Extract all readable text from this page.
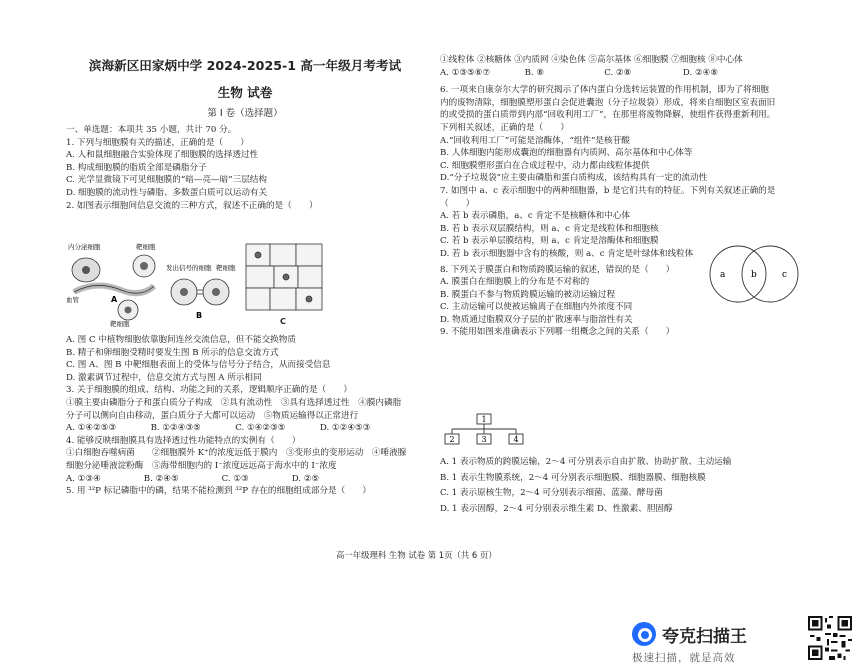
滨海新区田家炳中学 2024-2025-1 高一年级月考考试
生物 试卷
第 I 卷（选择题）
一、单选题：本项共 35 小题，共计 70 分。
1. 下列与细胞膜有关的描述，正确的是（　　）
A. 人和鼠细胞融合实验体现了细胞膜的选择透过性
B. 构成细胞膜的脂质全部是磷脂分子
C. 光学显微镜下可见细胞膜的“暗—亮—暗”三层结构
D. 细胞膜的流动性与磷脂、多数蛋白质可以运动有关
2. 如图表示细胞间信息交流的三种方式，叙述不正确的是（　　）
内分泌细胞	靶细胞
血管
靶细胞
A
发出信号的细胞 靶细胞
B
C
A. 图 C 中植物细胞依靠胞间连丝交流信息，但不能交换物质
B. 精子和卵细胞受精时要发生图 B 所示的信息交流方式
C. 图 A、图 B 中靶细胞表面上的受体与信号分子结合，从而接受信息
D. 激素调节过程中，信息交流方式与图 A 所示相同
3. 关于细胞膜的组成、结构、功能之间的关系，逻辑顺序正确的是（　　）
①膜主要由磷脂分子和蛋白质分子构成　②具有流动性　③具有选择透过性　④膜内磷脂
分子可以侧向自由移动，蛋白质分子大都可以运动　⑤物质运输得以正常进行
A. ①④②⑤③　　　　B. ①②④③⑤　　　　C. ①④②③⑤　　　　D. ①②④⑤③
4. 能够反映细胞膜具有选择透过性功能特点的实例有（　　）
①白细胞吞噬病菌　　②细胞膜外 K⁺的浓度远低于膜内　③变形虫的变形运动　④唾液腺
细胞分泌唾液淀粉酶　⑤海带细胞内的 I⁻浓度远远高于海水中的 I⁻浓度
A. ①③④　　　　　B. ②④⑤　　　　　C. ①③　　　　　D. ②⑤
5. 用 ³²P 标记磷脂中的磷，结果不能检测到 ³²P 存在的细胞组成部分是（　　）
①线粒体 ②核糖体 ③内质网 ④染色体 ⑤高尔基体 ⑥细胞膜 ⑦细胞核 ⑧中心体
A. ①③⑤⑥⑦　　　　B. ⑧　　　　　　　C. ②⑧　　　　　　D. ②④⑧
6. 一项来自康奈尔大学的研究揭示了体内蛋白分选转运装置的作用机制，即为了将细胞
内的废物清除，细胞膜塑形蛋白会促进囊泡（分子垃圾袋）形成，将来自细胞区室表面旧
的或受损的蛋白质带到内部“回收利用工厂”，在那里将废物降解，使组件获得重新利用。
下列相关叙述，正确的是（　　）
A.“回收利用工厂”可能是溶酶体，“组件”是核苷酸
B. 人体细胞内能形成囊泡的细胞器有内质网、高尔基体和中心体等
C. 细胞膜塑形蛋白在合成过程中，动力都由线粒体提供
D.“分子垃圾袋”应主要由磷脂和蛋白质构成，该结构具有一定的流动性
7. 如图中 a、c 表示细胞中的两种细胞器，b 是它们共有的特征。下列有关叙述正确的是
（　　）
A. 若 b 表示磷脂，a、c 肯定不是核糖体和中心体
B. 若 b 表示双层膜结构，则 a、c 肯定是线粒体和细胞核
C. 若 b 表示单层膜结构，则 a、c 肯定是溶酶体和细胞膜
D. 若 b 表示细胞器中含有的核酸，则 a、c 肯定是叶绿体和线粒体
8. 下列关于膜蛋白和物质跨膜运输的叙述，错误的是（　　）
A. 膜蛋白在细胞膜上的分布是不对称的
B. 膜蛋白不参与物质跨膜运输的被动运输过程
C. 主动运输可以使被运输离子在细胞内外浓度不同
D. 物质通过脂膜双分子层的扩散速率与脂溶性有关
9. 不能用如图来准确表示下列哪一组概念之间的关系（　　）
a	b	c
1
2	3	4
A. 1 表示物质的跨膜运输，2～4 可分别表示自由扩散、协助扩散、主动运输
B. 1 表示生物膜系统，2～4 可分别表示细胞膜、细胞器膜、细胞核膜
C. 1 表示原核生物，2～4 可分别表示细菌、蓝藻、酵母菌
D. 1 表示固醇，2～4 可分别表示维生素 D、性激素、胆固醇
高一年级理科 生物 试卷 第 1页（共 6 页）
夸克扫描王
极速扫描，就是高效
